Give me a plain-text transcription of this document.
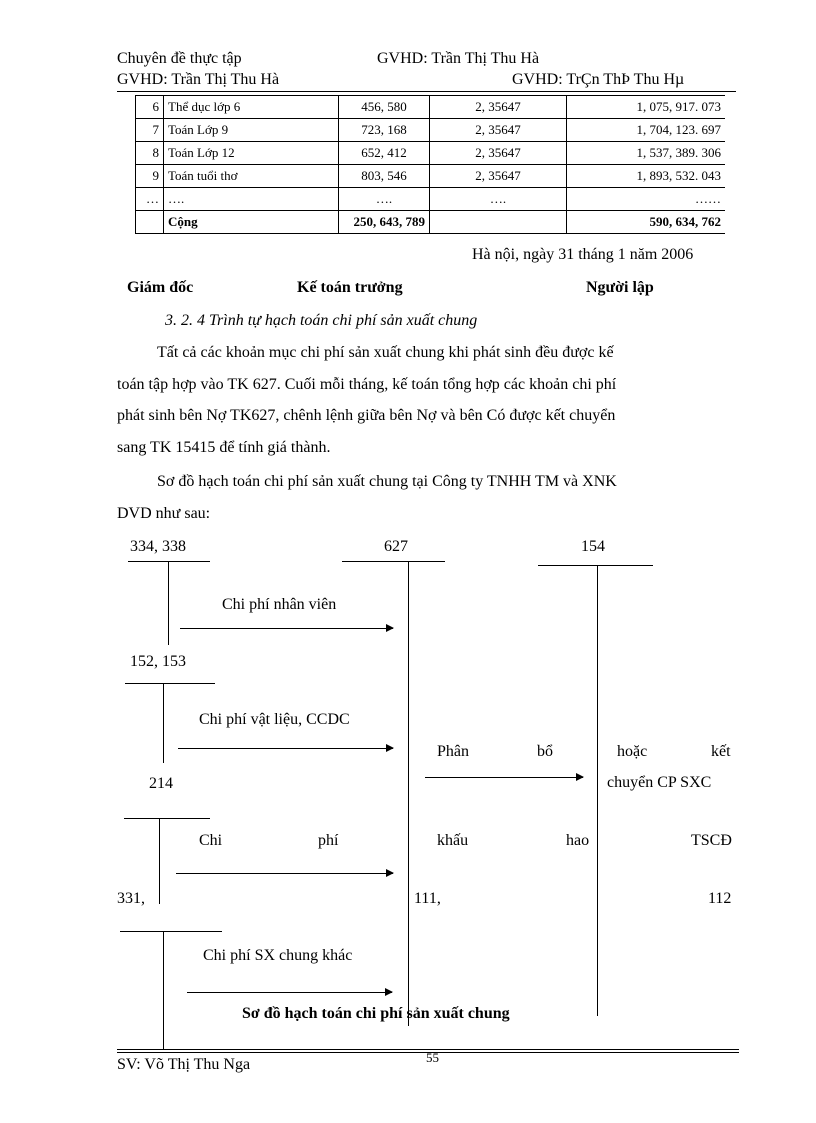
Chuyên đề thực tập	GVHD: Trần Thị Thu Hà
GVHD: Trần Thị Thu Hà	GVHD: TrÇn ThÞ Thu Hµ
6	Thể dục lớp 6	456, 580	2, 35647	1, 075, 917. 073
7	Toán Lớp 9	723, 168	2, 35647	1, 704, 123. 697
8	Toán Lớp 12	652, 412	2, 35647	1, 537, 389. 306
9	Toán tuổi thơ	803, 546	2, 35647	1, 893, 532. 043
…	….	….	….	……
	Cộng	250, 643, 789		590, 634, 762
Hà nội, ngày 31 tháng 1 năm 2006
Giám đốc	Kế toán trưởng	Người lập
3. 2. 4 Trình tự hạch toán chi phí sản xuất chung
Tất cả các khoản mục chi phí sản xuất chung khi phát sinh đều được kế
toán tập hợp vào TK 627. Cuối mỗi tháng, kế toán tổng hợp các khoản chi phí
phát sinh bên Nợ TK627, chênh lệnh giữa bên Nợ và bên Có được kết chuyển
sang TK 15415 để tính giá thành.
Sơ đồ hạch toán chi phí sản xuất chung tại Công ty TNHH TM và XNK
DVD như sau:
334, 338	627	154
Chi phí nhân viên
152, 153
Chi phí vật liệu, CCDC
Phân	bổ	hoặc	kết
chuyển CP SXC
214
Chi	phí	khấu	hao	TSCĐ
331,	111,	112
Chi phí SX chung khác
Sơ đồ hạch toán chi phí sản xuất chung
SV: Võ Thị Thu Nga	55
